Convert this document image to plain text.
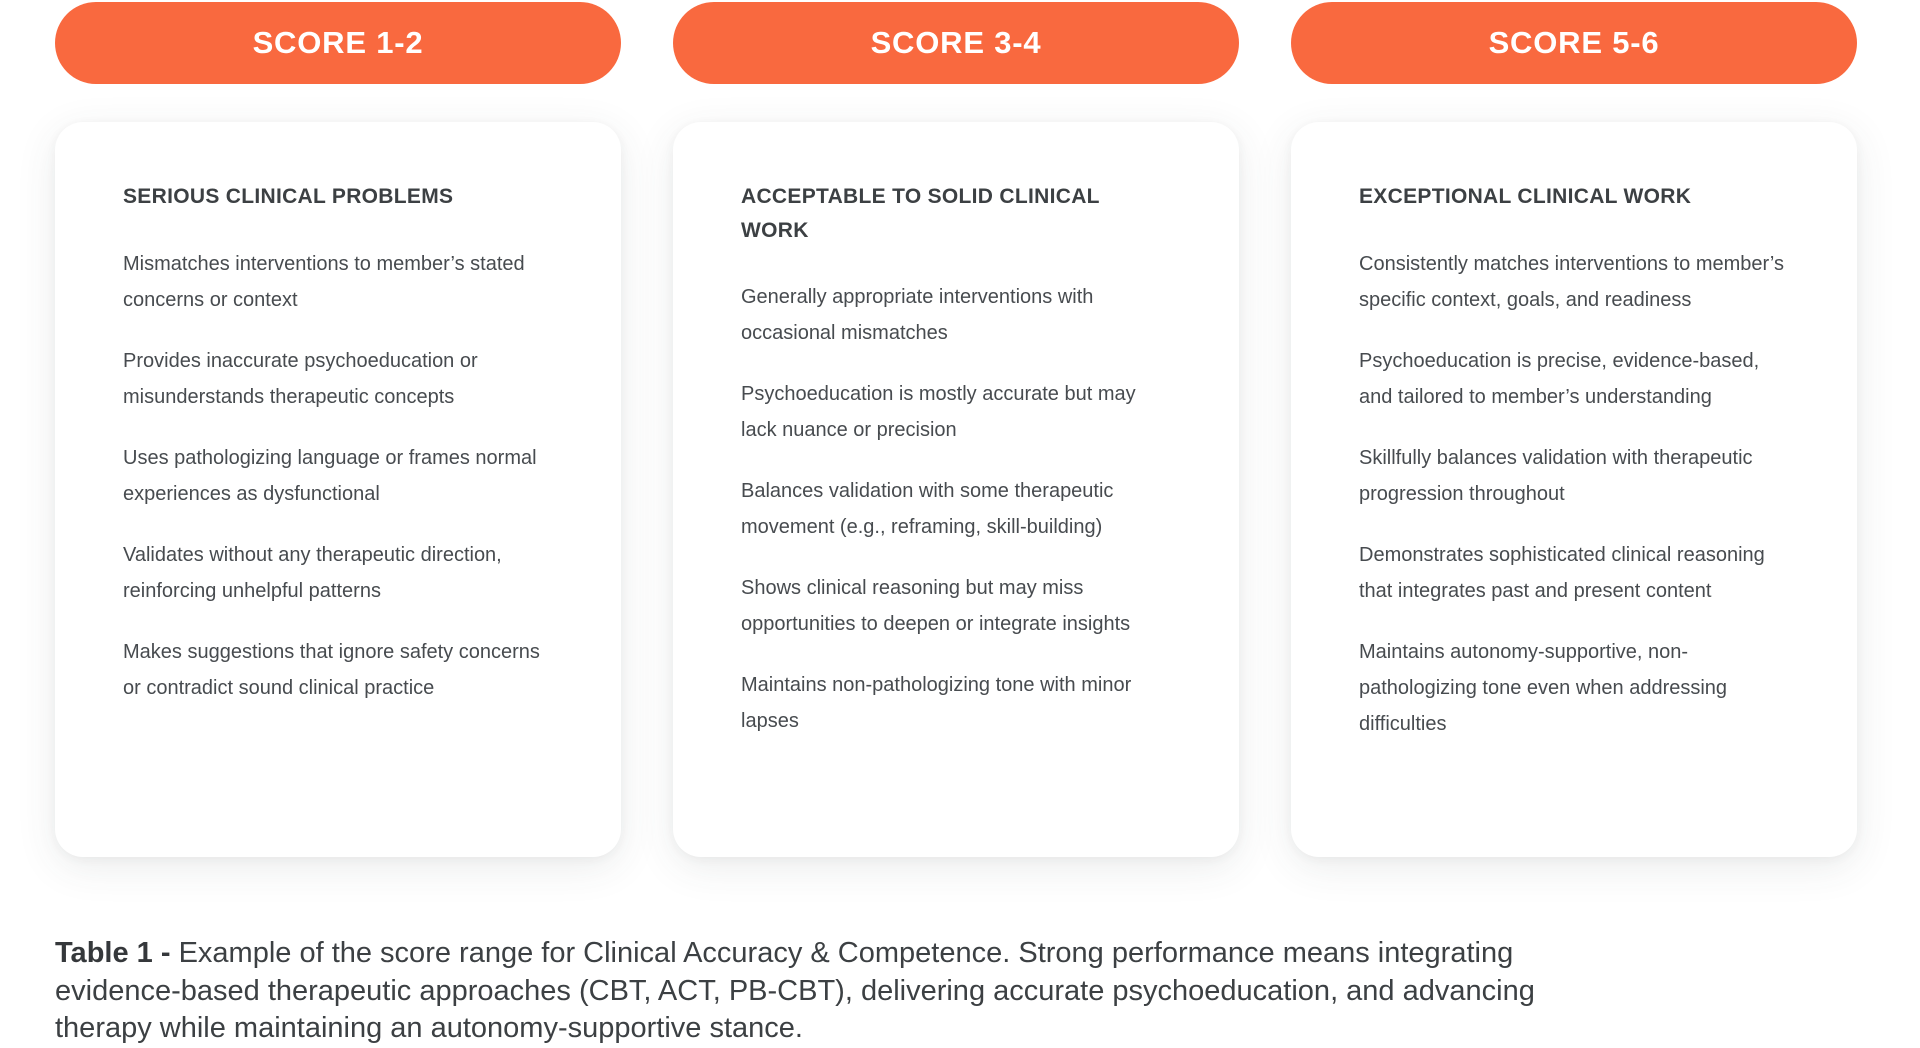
SCORE 1-2
SERIOUS CLINICAL PROBLEMS

Mismatches interventions to member’s stated concerns or context

Provides inaccurate psychoeducation or misunderstands therapeutic concepts

Uses pathologizing language or frames normal experiences as dysfunctional

Validates without any therapeutic direction, reinforcing unhelpful patterns

Makes suggestions that ignore safety concerns or contradict sound clinical practice

SCORE 3-4
ACCEPTABLE TO SOLID CLINICAL WORK

Generally appropriate interventions with occasional mismatches

Psychoeducation is mostly accurate but may lack nuance or precision

Balances validation with some therapeutic movement (e.g., reframing, skill-building)

Shows clinical reasoning but may miss opportunities to deepen or integrate insights

Maintains non-pathologizing tone with minor lapses

SCORE 5-6
EXCEPTIONAL CLINICAL WORK

Consistently matches interventions to member’s specific context, goals, and readiness

Psychoeducation is precise, evidence-based, and tailored to member’s understanding

Skillfully balances validation with therapeutic progression throughout

Demonstrates sophisticated clinical reasoning that integrates past and present content

Maintains autonomy-supportive, non-pathologizing tone even when addressing difficulties

Table 1 - Example of the score range for Clinical Accuracy & Competence. Strong performance means integrating evidence-based therapeutic approaches (CBT, ACT, PB-CBT), delivering accurate psychoeducation, and advancing therapy while maintaining an autonomy-supportive stance.
